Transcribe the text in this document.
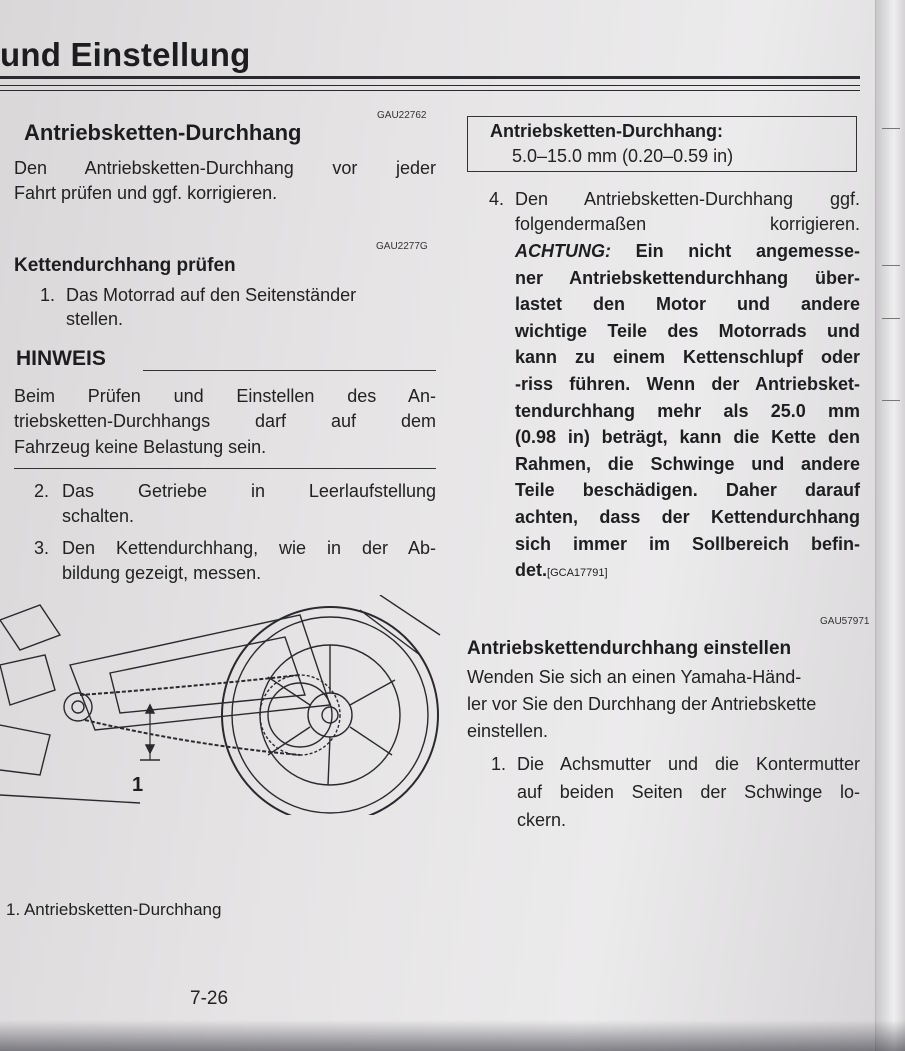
und Einstellung
GAU22762
Antriebsketten-Durchhang
Den Antriebsketten-Durchhang vor jeder
Fahrt prüfen und ggf. korrigieren.
GAU2277G
Kettendurchhang prüfen
1. Das Motorrad auf den Seitenständer
stellen.
HINWEIS
Beim Prüfen und Einstellen des An-
triebsketten-Durchhangs darf auf dem
Fahrzeug keine Belastung sein.
2. Das Getriebe in Leerlaufstellung
schalten.
3. Den Kettendurchhang, wie in der Ab-
bildung gezeigt, messen.
1
1. Antriebsketten-Durchhang
7-26
Antriebsketten-Durchhang:
5.0–15.0 mm (0.20–0.59 in)
4. Den Antriebsketten-Durchhang ggf.
folgendermaßen korrigieren.
ACHTUNG: Ein nicht angemesse-
ner Antriebskettendurchhang über-
lastet den Motor und andere
wichtige Teile des Motorrads und
kann zu einem Kettenschlupf oder
-riss führen. Wenn der Antriebsket-
tendurchhang mehr als 25.0 mm
(0.98 in) beträgt, kann die Kette den
Rahmen, die Schwinge und andere
Teile beschädigen. Daher darauf
achten, dass der Kettendurchhang
sich immer im Sollbereich befin-
det.[GCA17791]
GAU57971
Antriebskettendurchhang einstellen
Wenden Sie sich an einen Yamaha-Händ-
ler vor Sie den Durchhang der Antriebskette
einstellen.
1. Die Achsmutter und die Kontermutter
auf beiden Seiten der Schwinge lo-
ckern.
